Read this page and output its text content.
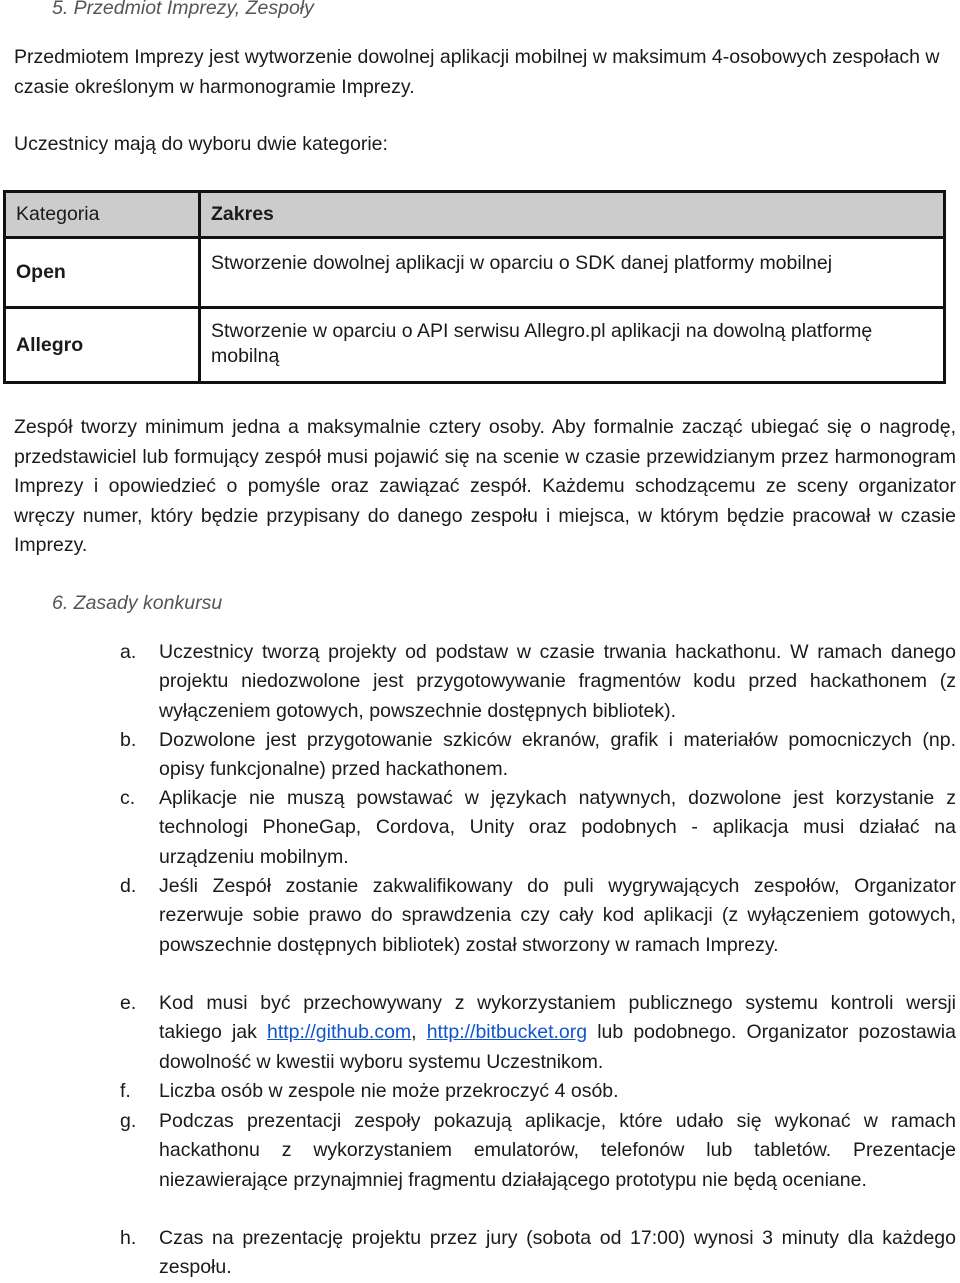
5. Przedmiot Imprezy, Zespoły
Przedmiotem Imprezy jest wytworzenie dowolnej aplikacji mobilnej w maksimum 4-osobowych zespołach w czasie określonym w harmonogramie Imprezy.
Uczestnicy mają do wyboru dwie kategorie:
Kategoria	Zakres
Open	Stworzenie dowolnej aplikacji w oparciu o SDK danej platformy mobilnej
Allegro	Stworzenie w oparciu o API serwisu Allegro.pl aplikacji na dowolną platformę mobilną
Zespół tworzy minimum jedna a maksymalnie cztery osoby. Aby formalnie zacząć ubiegać się o nagrodę, przedstawiciel lub formujący zespół musi pojawić się na scenie w czasie przewidzianym przez harmonogram Imprezy i opowiedzieć o pomyśle oraz zawiązać zespół. Każdemu schodzącemu ze sceny organizator wręczy numer, który będzie przypisany do danego zespołu i miejsca, w którym będzie pracował w czasie Imprezy.
6. Zasady konkursu
a. Uczestnicy tworzą projekty od podstaw w czasie trwania hackathonu. W ramach danego projektu niedozwolone jest przygotowywanie fragmentów kodu przed hackathonem (z wyłączeniem gotowych, powszechnie dostępnych bibliotek).
b. Dozwolone jest przygotowanie szkiców ekranów, grafik i materiałów pomocniczych (np. opisy funkcjonalne) przed hackathonem.
c. Aplikacje nie muszą powstawać w językach natywnych, dozwolone jest korzystanie z technologi PhoneGap, Cordova, Unity oraz podobnych - aplikacja musi działać na urządzeniu mobilnym.
d. Jeśli Zespół zostanie zakwalifikowany do puli wygrywających zespołów, Organizator rezerwuje sobie prawo do sprawdzenia czy cały kod aplikacji (z wyłączeniem gotowych, powszechnie dostępnych bibliotek) został stworzony w ramach Imprezy.
e. Kod musi być przechowywany z wykorzystaniem publicznego systemu kontroli wersji takiego jak http://github.com, http://bitbucket.org lub podobnego. Organizator pozostawia dowolność w kwestii wyboru systemu Uczestnikom.
f. Liczba osób w zespole nie może przekroczyć 4 osób.
g. Podczas prezentacji zespoły pokazują aplikacje, które udało się wykonać w ramach hackathonu z wykorzystaniem emulatorów, telefonów lub tabletów. Prezentacje niezawierające przynajmniej fragmentu działającego prototypu nie będą oceniane.
h. Czas na prezentację projektu przez jury (sobota od 17:00) wynosi 3 minuty dla każdego zespołu.
